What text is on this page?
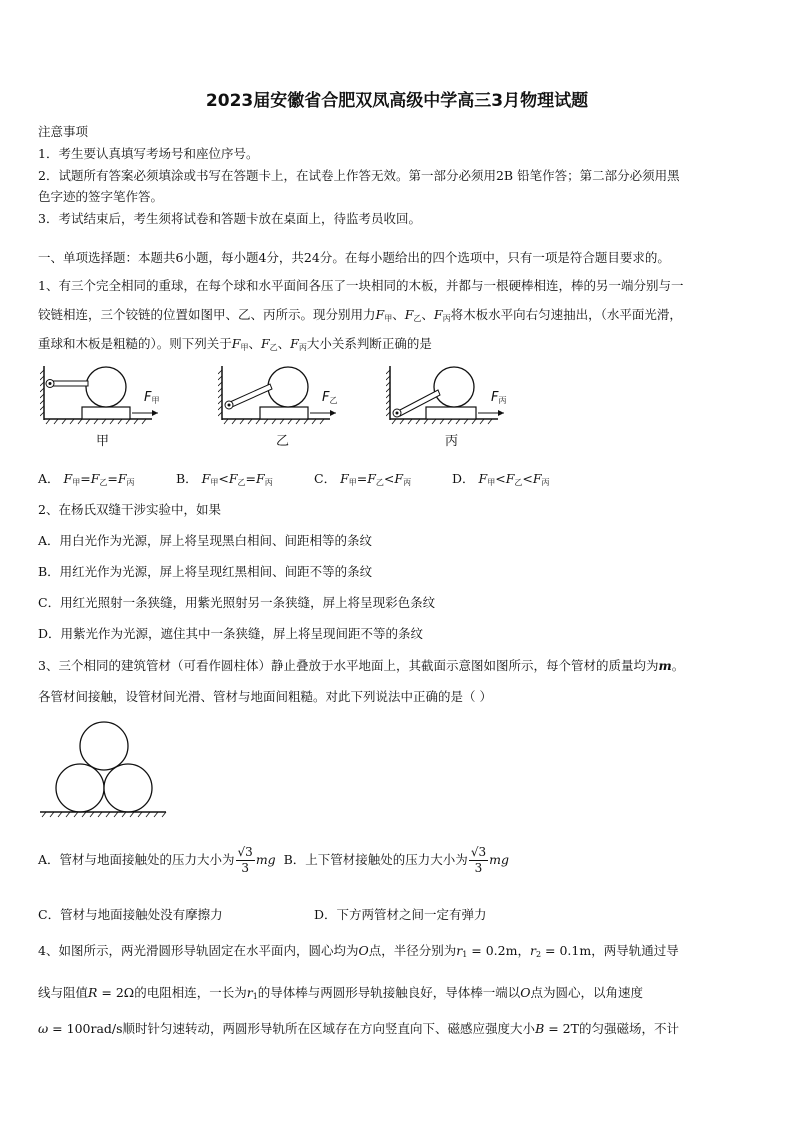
2023届安徽省合肥双凤高级中学高三3月物理试题
注意事项
1．考生要认真填写考场号和座位序号。
2．试题所有答案必须填涂或书写在答题卡上，在试卷上作答无效。第一部分必须用2B 铅笔作答；第二部分必须用黑
色字迹的签字笔作答。
3．考试结束后，考生须将试卷和答题卡放在桌面上，待监考员收回。
一、单项选择题：本题共6小题，每小题4分，共24分。在每小题给出的四个选项中，只有一项是符合题目要求的。
1、有三个完全相同的重球，在每个球和水平面间各压了一块相同的木板，并都与一根硬棒相连，棒的另一端分别与一
铰链相连，三个铰链的位置如图甲、乙、丙所示。现分别用力F甲、F乙、F丙将木板水平向右匀速抽出，（水平面光滑，
重球和木板是粗糙的）。则下列关于F甲、F乙、F丙大小关系判断正确的是
F甲
甲
F乙
乙
F丙
丙
A． F甲=F乙=F丙	B． F甲<F乙=F丙	C． F甲=F乙<F丙	D． F甲<F乙<F丙
2、在杨氏双缝干涉实验中，如果
A．用白光作为光源，屏上将呈现黑白相间、间距相等的条纹
B．用红光作为光源，屏上将呈现红黑相间、间距不等的条纹
C．用红光照射一条狭缝，用紫光照射另一条狭缝，屏上将呈现彩色条纹
D．用紫光作为光源，遮住其中一条狭缝，屏上将呈现间距不等的条纹
3、三个相同的建筑管材（可看作圆柱体）静止叠放于水平地面上，其截面示意图如图所示，每个管材的质量均为m。
各管材间接触，设管材间光滑、管材与地面间粗糙。对此下列说法中正确的是（ ）
A．管材与地面接触处的压力大小为 $\frac{√3}{3}$ mg B．上下管材接触处的压力大小为 $\frac{√3}{3}$ mg
C．管材与地面接触处没有摩擦力	D．下方两管材之间一定有弹力
4、如图所示，两光滑圆形导轨固定在水平面内，圆心均为O点，半径分别为r1 = 0.2m，r2 = 0.1m，两导轨通过导
线与阻值R = 2Ω的电阻相连，一长为r1的导体棒与两圆形导轨接触良好，导体棒一端以O点为圆心，以角速度
ω = 100rad/s顺时针匀速转动，两圆形导轨所在区域存在方向竖直向下、磁感应强度大小B = 2T的匀强磁场，不计
